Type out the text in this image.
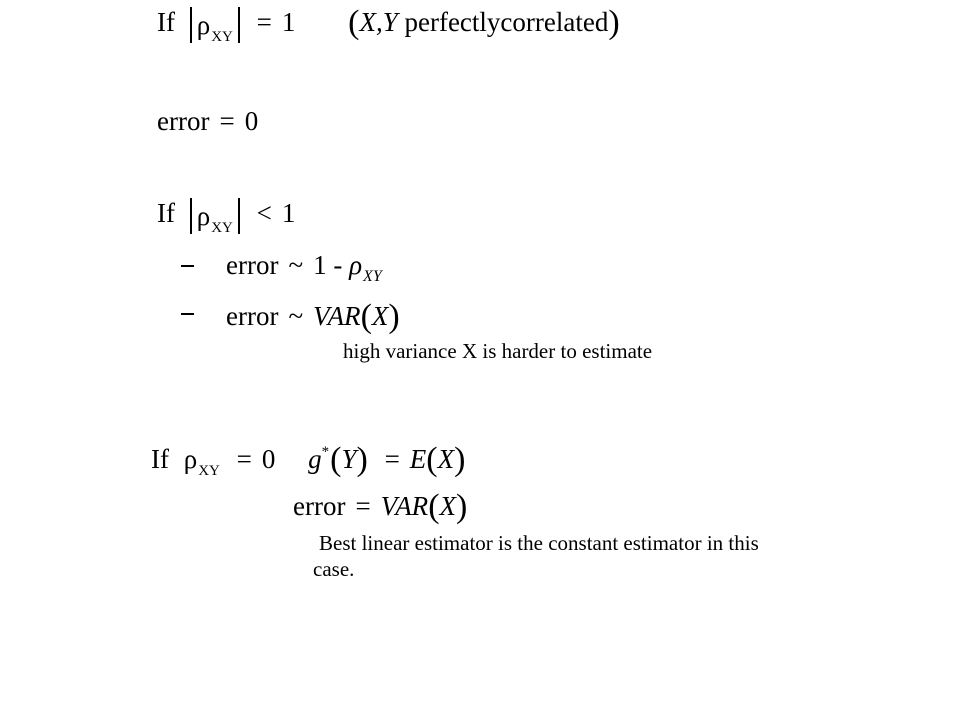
If $\rho_{XY} = 1$ (X,Y perfectlycorrelated)
error = 0
If $\rho_{XY} < 1$
error ~ $1 - \rho_{XY}$
error ~ VAR(X)
high variance X is harder to estimate
If $\rho_{XY} = 0$ g*(Y) = E(X)
error = VAR(X)
Best linear estimator is the constant estimator in this
case.
